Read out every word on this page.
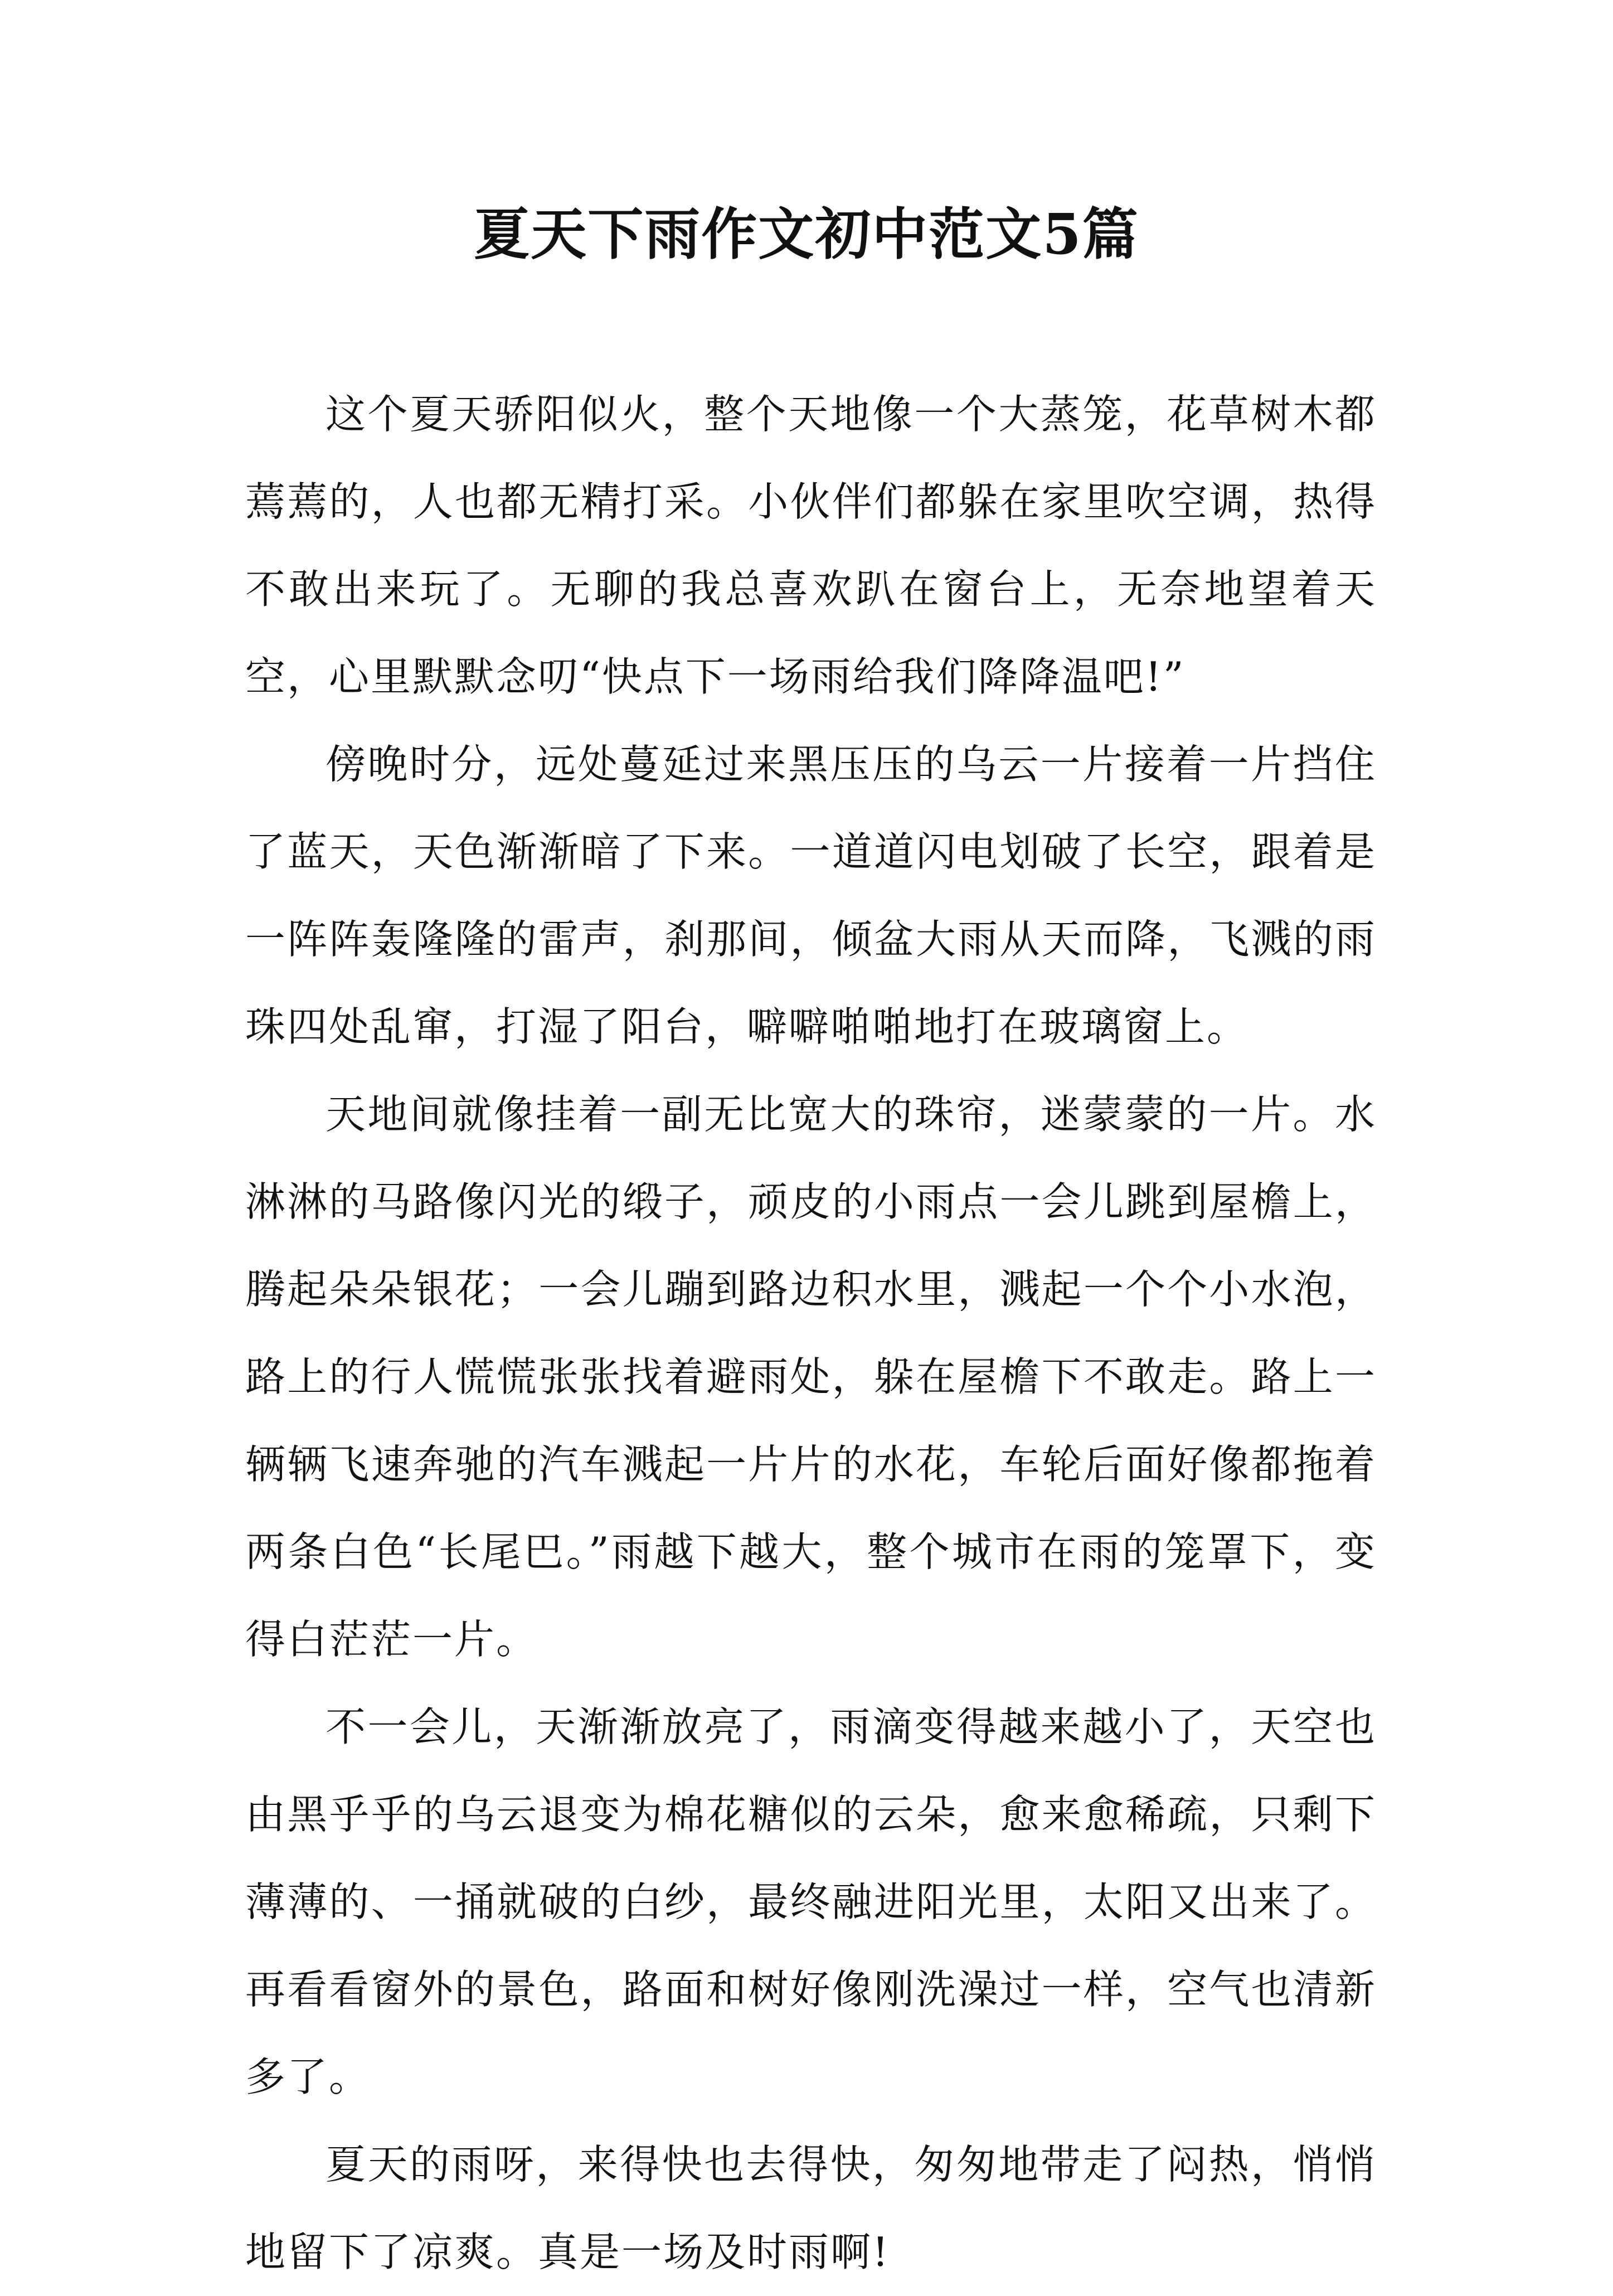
夏天下雨作文初中范文5篇

这个夏天骄阳似火，整个天地像一个大蒸笼，花草树木都蔫蔫的，人也都无精打采。小伙伴们都躲在家里吹空调，热得不敢出来玩了。无聊的我总喜欢趴在窗台上，无奈地望着天空，心里默默念叨“快点下一场雨给我们降降温吧!”

傍晚时分，远处蔓延过来黑压压的乌云一片接着一片挡住了蓝天，天色渐渐暗了下来。一道道闪电划破了长空，跟着是一阵阵轰隆隆的雷声，刹那间，倾盆大雨从天而降，飞溅的雨珠四处乱窜，打湿了阳台，噼噼啪啪地打在玻璃窗上。

天地间就像挂着一副无比宽大的珠帘，迷蒙蒙的一片。水淋淋的马路像闪光的缎子，顽皮的小雨点一会儿跳到屋檐上，腾起朵朵银花；一会儿蹦到路边积水里，溅起一个个小水泡，路上的行人慌慌张张找着避雨处，躲在屋檐下不敢走。路上一辆辆飞速奔驰的汽车溅起一片片的水花，车轮后面好像都拖着两条白色“长尾巴。”雨越下越大，整个城市在雨的笼罩下，变得白茫茫一片。

不一会儿，天渐渐放亮了，雨滴变得越来越小了，天空也由黑乎乎的乌云退变为棉花糖似的云朵，愈来愈稀疏，只剩下薄薄的、一捅就破的白纱，最终融进阳光里，太阳又出来了。再看看窗外的景色，路面和树好像刚洗澡过一样，空气也清新多了。

夏天的雨呀，来得快也去得快，匆匆地带走了闷热，悄悄地留下了凉爽。真是一场及时雨啊!
